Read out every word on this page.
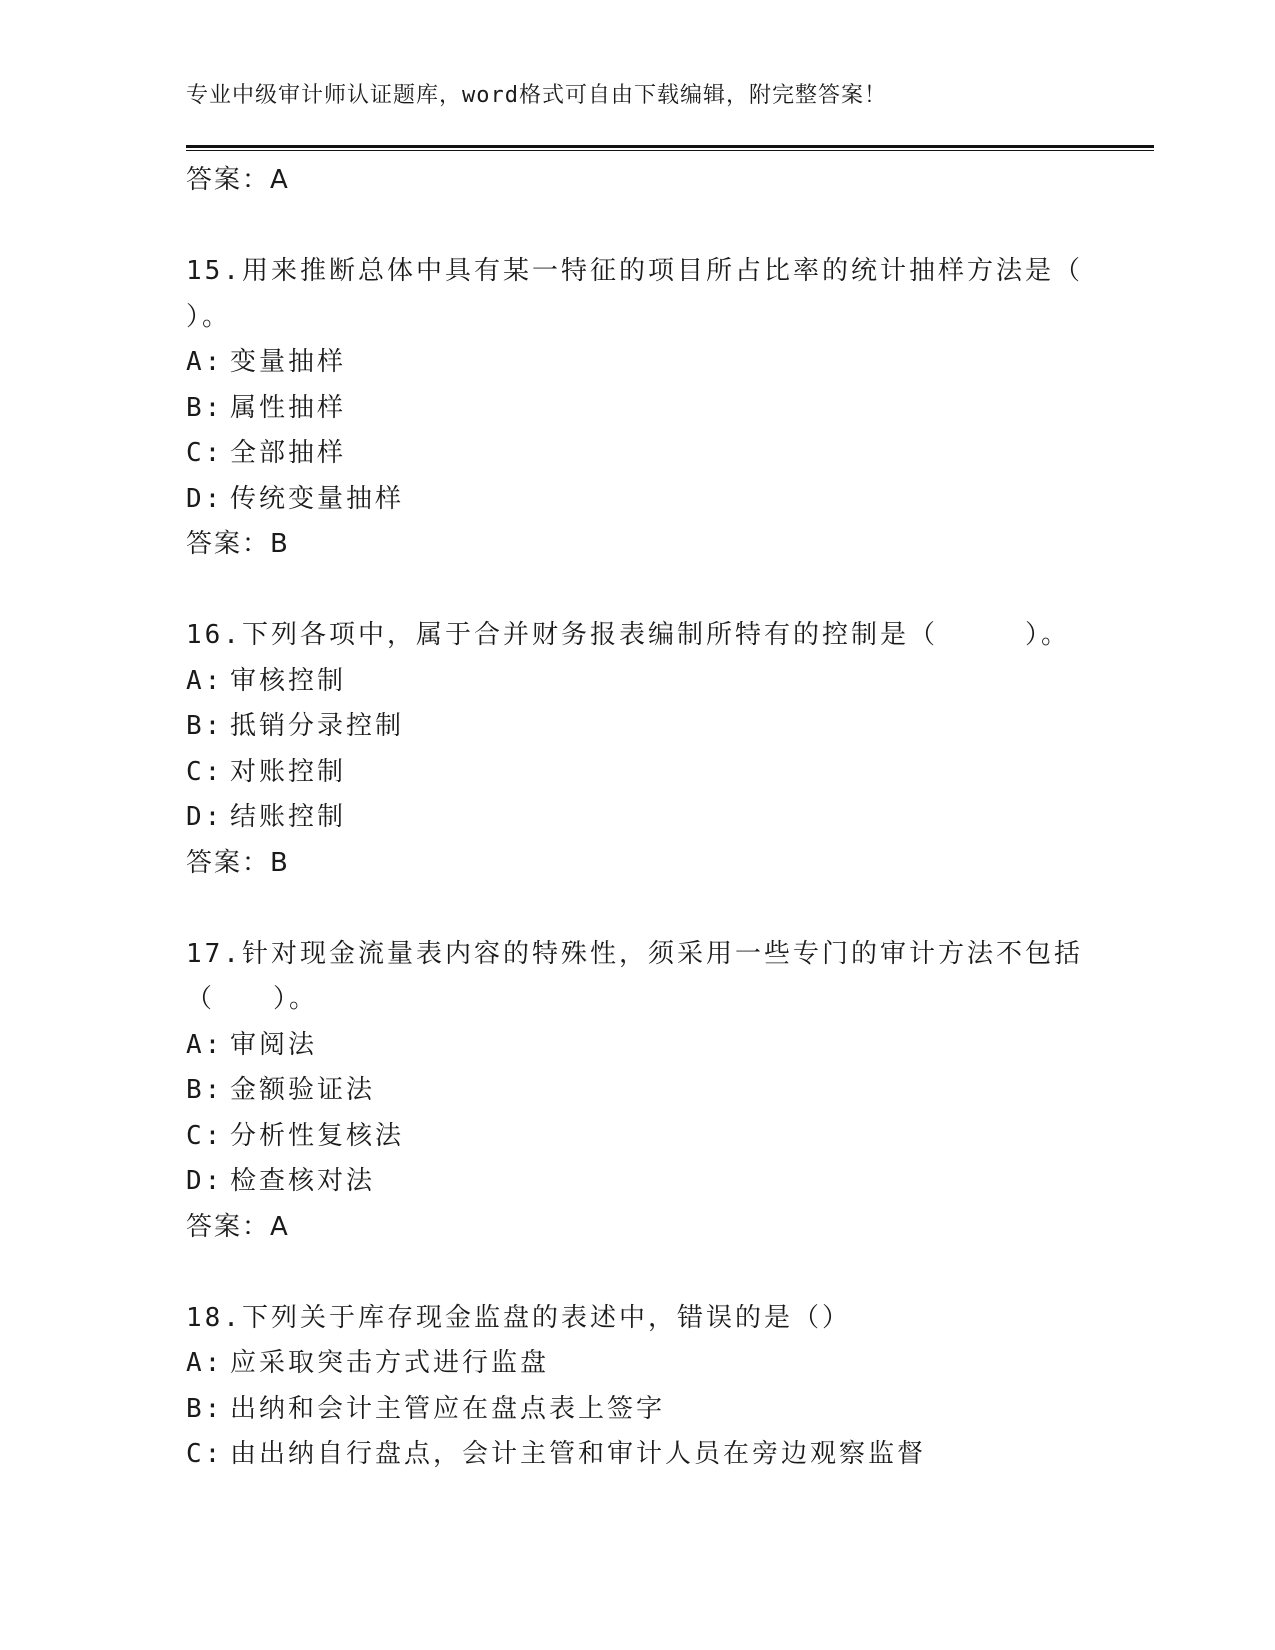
专业中级审计师认证题库，word格式可自由下载编辑，附完整答案！
答案：A
15.用来推断总体中具有某一特征的项目所占比率的统计抽样方法是（
）。
A: 变量抽样
B: 属性抽样
C: 全部抽样
D: 传统变量抽样
答案：B
16.下列各项中，属于合并财务报表编制所特有的控制是（　　　）。
A: 审核控制
B: 抵销分录控制
C: 对账控制
D: 结账控制
答案：B
17.针对现金流量表内容的特殊性，须采用一些专门的审计方法不包括
（　　）。
A: 审阅法
B: 金额验证法
C: 分析性复核法
D: 检查核对法
答案：A
18.下列关于库存现金监盘的表述中，错误的是（）
A: 应采取突击方式进行监盘
B: 出纳和会计主管应在盘点表上签字
C: 由出纳自行盘点，会计主管和审计人员在旁边观察监督
